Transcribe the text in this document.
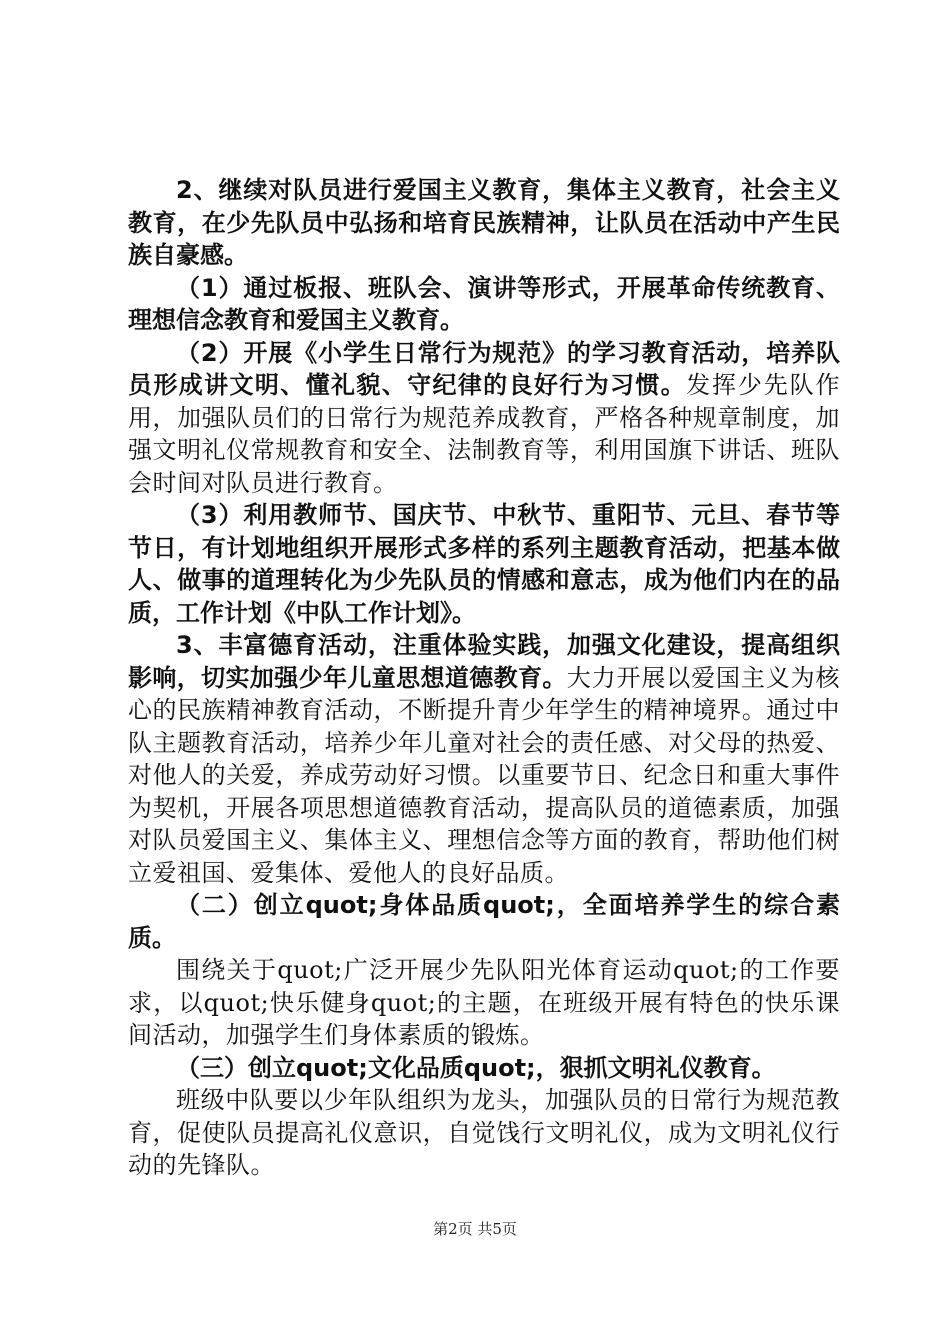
2、继续对队员进行爱国主义教育，集体主义教育，社会主义教育，在少先队员中弘扬和培育民族精神，让队员在活动中产生民族自豪感。

（1）通过板报、班队会、演讲等形式，开展革命传统教育、理想信念教育和爱国主义教育。

（2）开展《小学生日常行为规范》的学习教育活动，培养队员形成讲文明、懂礼貌、守纪律的良好行为习惯。发挥少先队作用，加强队员们的日常行为规范养成教育，严格各种规章制度，加强文明礼仪常规教育和安全、法制教育等，利用国旗下讲话、班队会时间对队员进行教育。

（3）利用教师节、国庆节、中秋节、重阳节、元旦、春节等节日，有计划地组织开展形式多样的系列主题教育活动，把基本做人、做事的道理转化为少先队员的情感和意志，成为他们内在的品质，工作计划《中队工作计划》。

3、丰富德育活动，注重体验实践，加强文化建设，提高组织影响，切实加强少年儿童思想道德教育。大力开展以爱国主义为核心的民族精神教育活动，不断提升青少年学生的精神境界。通过中队主题教育活动，培养少年儿童对社会的责任感、对父母的热爱、对他人的关爱，养成劳动好习惯。以重要节日、纪念日和重大事件为契机，开展各项思想道德教育活动，提高队员的道德素质，加强对队员爱国主义、集体主义、理想信念等方面的教育，帮助他们树立爱祖国、爱集体、爱他人的良好品质。

（二）创立quot;身体品质quot;，全面培养学生的综合素质。

围绕关于quot;广泛开展少先队阳光体育运动quot;的工作要求，以quot;快乐健身quot;的主题，在班级开展有特色的快乐课间活动，加强学生们身体素质的锻炼。

（三）创立quot;文化品质quot;，狠抓文明礼仪教育。

班级中队要以少年队组织为龙头，加强队员的日常行为规范教育，促使队员提高礼仪意识，自觉饯行文明礼仪，成为文明礼仪行动的先锋队。

第2页 共5页
